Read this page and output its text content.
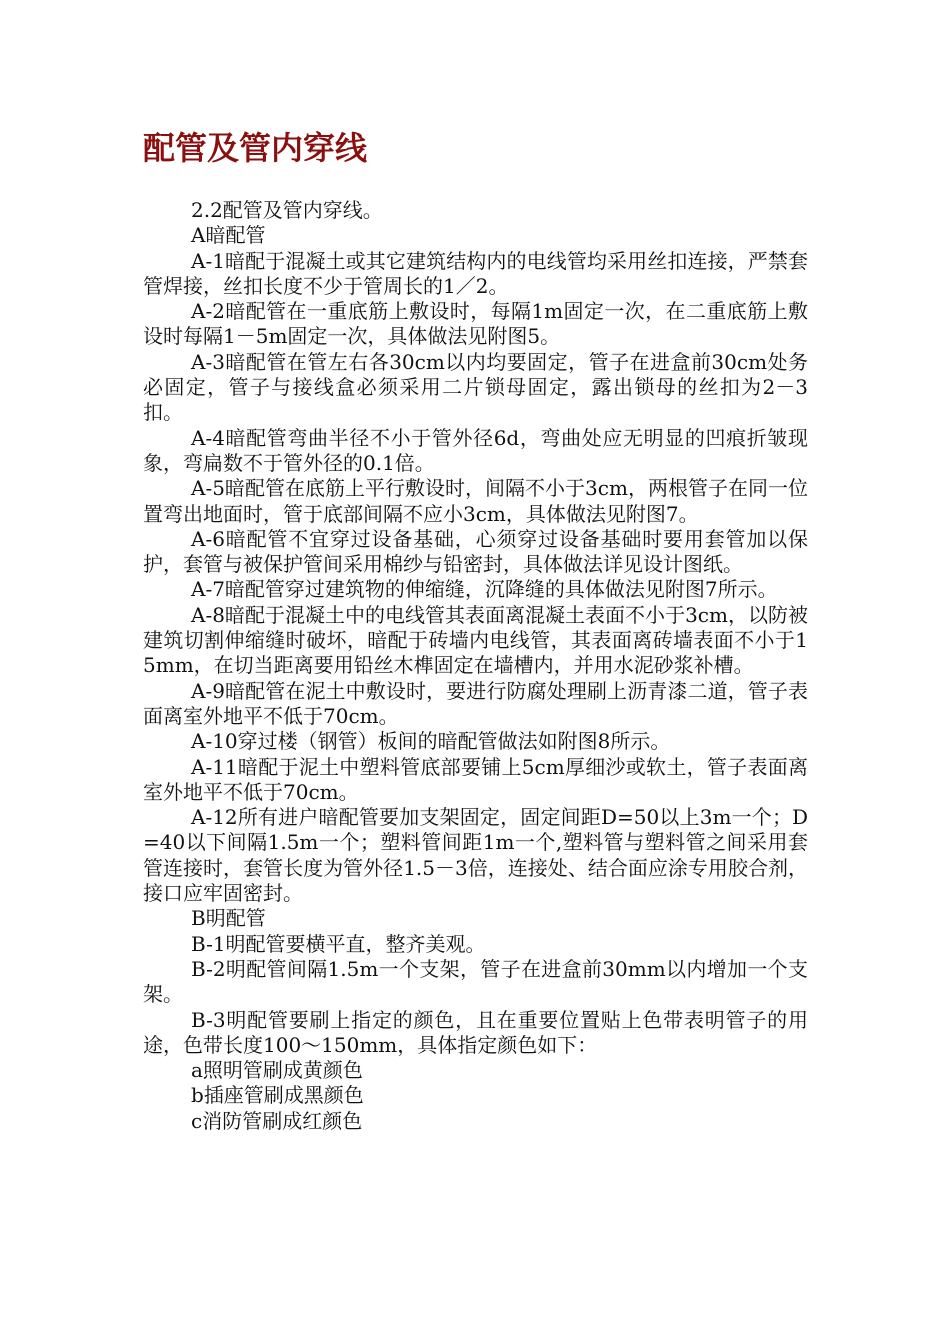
配管及管内穿线

2.2配管及管内穿线。

A暗配管

A-1暗配于混凝土或其它建筑结构内的电线管均采用丝扣连接，严禁套管焊接，丝扣长度不少于管周长的1／2。

A-2暗配管在一重底筋上敷设时，每隔1m固定一次，在二重底筋上敷设时每隔1－5m固定一次，具体做法见附图5。

A-3暗配管在管左右各30cm以内均要固定，管子在进盒前30cm处务必固定，管子与接线盒必须采用二片锁母固定，露出锁母的丝扣为2－3扣。

A-4暗配管弯曲半径不小于管外径6d，弯曲处应无明显的凹痕折皱现象，弯扁数不于管外径的0.1倍。

A-5暗配管在底筋上平行敷设时，间隔不小于3cm，两根管子在同一位置弯出地面时，管于底部间隔不应小3cm，具体做法见附图7。

A-6暗配管不宜穿过设备基础，心须穿过设备基础时要用套管加以保护，套管与被保护管间采用棉纱与铅密封，具体做法详见设计图纸。

A-7暗配管穿过建筑物的伸缩缝，沉降缝的具体做法见附图7所示。

A-8暗配于混凝土中的电线管其表面离混凝土表面不小于3cm，以防被建筑切割伸缩缝时破坏，暗配于砖墙内电线管，其表面离砖墙表面不小于15mm，在切当距离要用铅丝木榫固定在墙槽内，并用水泥砂浆补槽。

A-9暗配管在泥土中敷设时，要进行防腐处理刷上沥青漆二道，管子表面离室外地平不低于70cm。

A-10穿过楼（钢管）板间的暗配管做法如附图8所示。

A-11暗配于泥土中塑料管底部要铺上5cm厚细沙或软土，管子表面离室外地平不低于70cm。

A-12所有进户暗配管要加支架固定，固定间距D=50以上3m一个；D=40以下间隔1.5m一个；塑料管间距1m一个,塑料管与塑料管之间采用套管连接时，套管长度为管外径1.5－3倍，连接处、结合面应涂专用胶合剂，接口应牢固密封。

B明配管

B-1明配管要横平直，整齐美观。

B-2明配管间隔1.5m一个支架，管子在进盒前30mm以内增加一个支架。

B-3明配管要刷上指定的颜色，且在重要位置贴上色带表明管子的用途，色带长度100～150mm，具体指定颜色如下：

a照明管刷成黄颜色

b插座管刷成黑颜色

c消防管刷成红颜色
